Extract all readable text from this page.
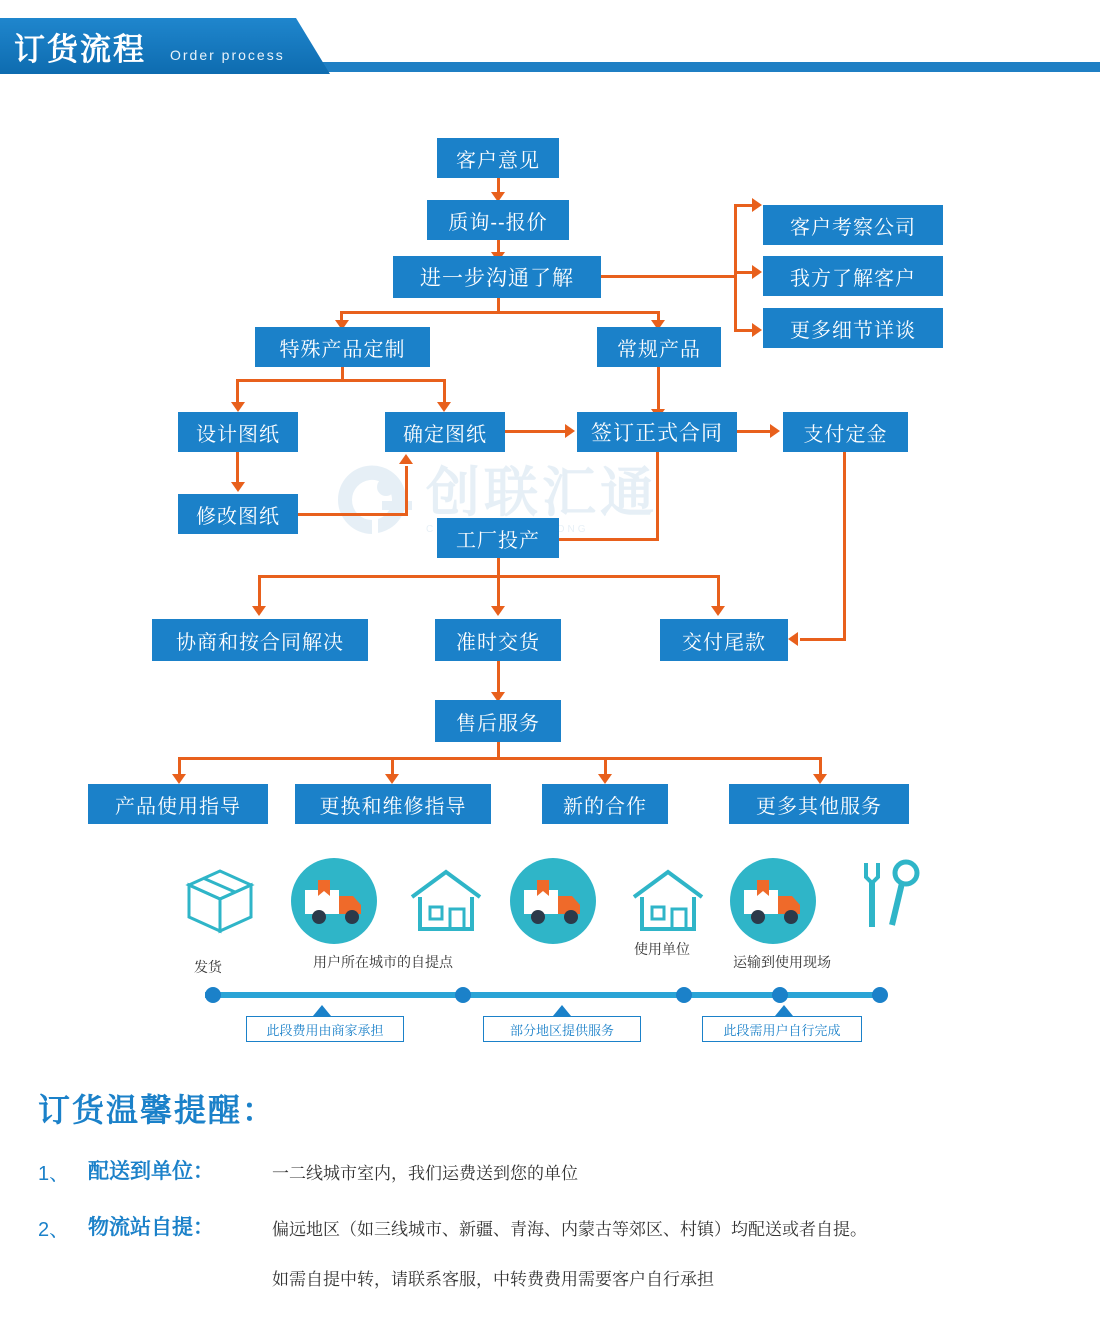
订货流程 Order process
创联汇通
客户意见
质询--报价
进一步沟通了解
客户考察公司
我方了解客户
更多细节详谈
特殊产品定制	常规产品
设计图纸	确定图纸
修改图纸
签订正式合同	支付定金
工厂投产
协商和按合同解决	准时交货	交付尾款
售后服务
产品使用指导	更换和维修指导	新的合作	更多其他服务
发货	用户所在城市的自提点
使用单位
运输到使用现场
此段费用由商家承担	部分地区提供服务	此段需用户自行完成
订货温馨提醒：
1、 配送到单位：	一二线城市室内，我们运费送到您的单位
2、 物流站自提：	偏远地区（如三线城市、新疆、青海、内蒙古等郊区、村镇）均配送或者自提。
如需自提中转，请联系客服，中转费费用需要客户自行承担
